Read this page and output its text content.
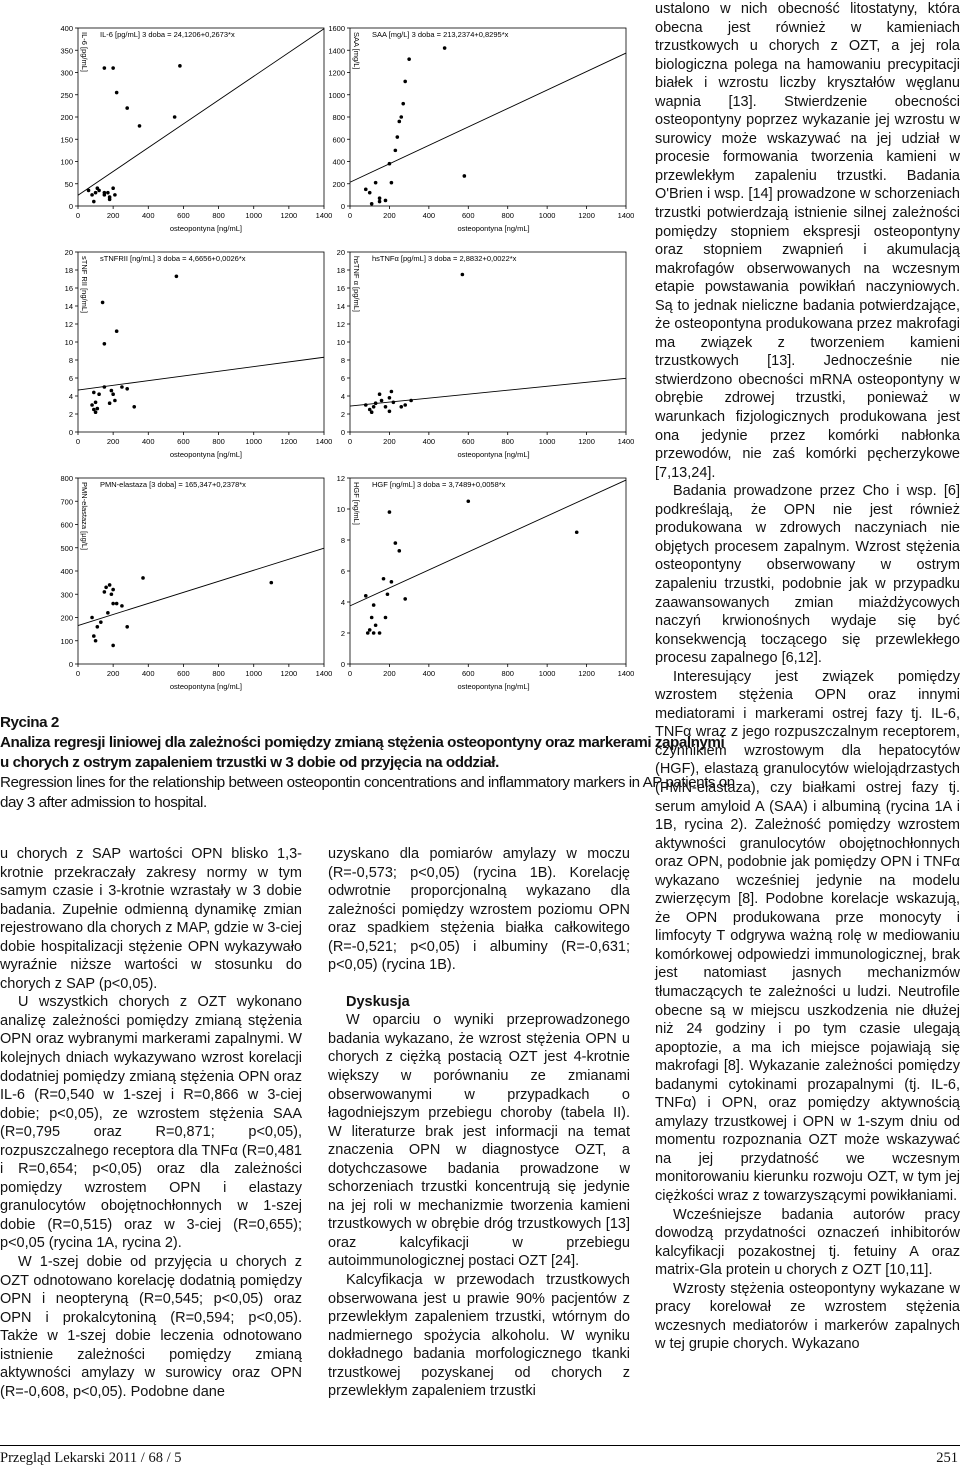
IL-6 [pg/mL] 3 doba = 24,1206+0,2673*x
0
50
100
150
200
250
300
350
400
0	200	400	600	800	1000 1200 1400
osteopontyna [ng/mL]
IL-6 [pg/mL]	SAA [mg/L] 3 doba = 213,2374+0,8295*x
0
200
400
600
800
1000
1200
1400
1600
0	200	400	600	800	1000	1200	1400
osteopontyna [ng/mL]
SAA [mg/L]
sTNFRII [ng/mL] 3 doba = 4,6656+0,0026*x
0
2
4
6
8
10
12
14
16
18
20
0	200	400	600	800	1000 1200 1400
osteopontyna [ng/mL]
sTNF RII [ng/mL]	hsTNFα [pg/mL] 3 doba = 2,8832+0,0022*x
0
2
4
6
8
10
12
14
16
18
20
0	200	400	600	800	1000	1200	1400
osteopontyna [ng/mL]
hsTNF α [pg/mL]
PMN-elastaza [3 doba] = 165,347+0,2378*x
0
100
200
300
400
500
600
700
800
0	200	400	600	800	1000 1200 1400
osteopontyna [ng/mL]
PMN-elastaza [µg/L]	HGF [ng/mL] 3 doba = 3,7489+0,0058*x
0
2
4
6
8
10
12
0	200	400	600	800	1000	1200	1400
osteopontyna [ng/mL]
HGF [ng/mL]
Rycina 2
Analiza regresji liniowej dla zależności pomiędzy zmianą stężenia osteopontyny oraz markerami zapalnymi
u chorych z ostrym zapaleniem trzustki w 3 dobie od przyjęcia na oddział.
Regression lines for the relationship between osteopontin concentrations and inflammatory markers in AP patients on
day 3 after admission to hospital.

u chorych z SAP wartości OPN blisko 1,3-krotnie przekraczały zakresy normy w tym samym czasie i 3-krotnie wzrastały w 3 dobie badania. Zupełnie odmienną dynamikę zmian rejestrowano dla chorych z MAP, gdzie w 3-ciej dobie hospitalizacji stężenie OPN wykazywało wyraźnie niższe wartości w stosunku do chorych z SAP (p<0,05).

U wszystkich chorych z OZT wykonano analizę zależności pomiędzy zmianą stężenia OPN oraz wybranymi markerami zapalnymi. W kolejnych dniach wykazywano wzrost korelacji dodatniej pomiędzy zmianą stężenia OPN oraz IL-6 (R=0,540 w 1-szej i R=0,866 w 3-ciej dobie; p<0,05), ze wzrostem stężenia SAA (R=0,795 oraz R=0,871; p<0,05), rozpuszczalnego receptora dla TNFα (R=0,481 i R=0,654; p<0,05) oraz dla zależności pomiędzy wzrostem OPN i elastazy granulocytów obojętnochłonnych w 1-szej dobie (R=0,515) oraz w 3-ciej (R=0,655); p<0,05 (rycina 1A, rycina 2).

W 1-szej dobie od przyjęcia u chorych z OZT odnotowano korelację dodatnią pomiędzy OPN i neopteryną (R=0,545; p<0,05) oraz OPN i prokalcytoniną (R=0,594; p<0,05). Także w 1-szej dobie leczenia odnotowano istnienie zależności pomiędzy zmianą aktywności amylazy w surowicy oraz OPN (R=-0,608, p<0,05). Podobne dane

uzyskano dla pomiarów amylazy w moczu (R=-0,573; p<0,05) (rycina 1B). Korelację odwrotnie proporcjonalną wykazano dla zależności pomiędzy wzrostem poziomu OPN oraz spadkiem stężenia białka całkowitego (R=-0,521; p<0,05) i albuminy (R=-0,631; p<0,05) (rycina 1B).

Dyskusja

W oparciu o wyniki przeprowadzonego badania wykazano, że wzrost stężenia OPN u chorych z ciężką postacią OZT jest 4-krotnie większy w porównaniu ze zmianami obserwowanymi w przypadkach o łagodniejszym przebiegu choroby (tabela II). W literaturze brak jest informacji na temat znaczenia OPN w diagnostyce OZT, a dotychczasowe badania prowadzone w schorzeniach trzustki koncentrują się jedynie na jej roli w mechanizmie tworzenia kamieni trzustkowych w obrębie dróg trzustkowych [13] oraz kalcyfikacji w przebiegu autoimmunologicznej postaci OZT [24].

Kalcyfikacja w przewodach trzustkowych obserwowana jest u prawie 90% pacjentów z przewlekłym zapaleniem trzustki, wtórnym do nadmiernego spożycia alkoholu. W wyniku dokładnego badania morfologicznego tkanki trzustkowej pozyskanej od chorych z przewlekłym zapaleniem trzustki

ustalono w nich obecność litostatyny, która obecna jest również w kamieniach trzustkowych u chorych z OZT, a jej rola biologiczna polega na hamowaniu precypitacji białek i wzrostu liczby kryształów węglanu wapnia [13]. Stwierdzenie obecności osteopontyny poprzez wykazanie jej wzrostu w surowicy może wskazywać na jej udział w procesie formowania tworzenia kamieni w przewlekłym zapaleniu trzustki. Badania O'Brien i wsp. [14] prowadzone w schorzeniach trzustki potwierdzają istnienie silnej zależności pomiędzy stopniem ekspresji osteopontyny oraz stopniem zwapnień i akumulacją makrofagów obserwowanych na wczesnym etapie powstawania powikłań naczyniowych. Są to jednak nieliczne badania potwierdzające, że osteopontyna produkowana przez makrofagi ma związek z tworzeniem kamieni trzustkowych [13]. Jednocześnie nie stwierdzono obecności mRNA osteopontyny w obrębie zdrowej trzustki, ponieważ w warunkach fizjologicznych produkowana jest ona jedynie przez komórki nabłonka przewodów, nie zaś komórki pęcherzykowe [7,13,24].

Badania prowadzone przez Cho i wsp. [6] podkreślają, że OPN nie jest również produkowana w zdrowych naczyniach nie objętych procesem zapalnym. Wzrost stężenia osteopontyny obserwowany w ostrym zapaleniu trzustki, podobnie jak w przypadku zaawansowanych zmian miażdżycowych naczyń krwionośnych wydaje się być konsekwencją toczącego się przewlekłego procesu zapalnego [6,12].

Interesujący jest związek pomiędzy wzrostem stężenia OPN oraz innymi mediatorami i markerami ostrej fazy tj. IL-6, TNFα wraz z jego rozpuszczalnym receptorem, czynnikiem wzrostowym dla hepatocytów (HGF), elastazą granulocytów wielojądrzastych (PMN-elastaza), czy białkami ostrej fazy tj. serum amyloid A (SAA) i albuminą (rycina 1A i 1B, rycina 2). Zależność pomiędzy wzrostem aktywności granulocytów obojętnochłonnych oraz OPN, podobnie jak pomiędzy OPN i TNFα wykazano wcześniej jedynie na modelu zwierzęcym [8]. Podobne korelacje wskazują, że OPN produkowana prze monocyty i limfocyty T odgrywa ważną rolę w mediowaniu komórkowej odpowiedzi immunologicznej, brak jest natomiast jasnych mechanizmów tłumaczących te zależności u ludzi. Neutrofile obecne są w miejscu uszkodzenia nie dłużej niż 24 godziny i po tym czasie ulegają apoptozie, a ma ich miejsce pojawiają się makrofagi [8]. Wykazanie zależności pomiędzy badanymi cytokinami prozapalnymi (tj. IL-6, TNFα) i OPN, oraz pomiędzy aktywnością amylazy trzustkowej i OPN w 1-szym dniu od momentu rozpoznania OZT może wskazywać na jej przydatność we wczesnym monitorowaniu kierunku rozwoju OZT, w tym jej ciężkości wraz z towarzyszącymi powikłaniami.

Wcześniejsze badania autorów pracy dowodzą przydatności oznaczeń inhibitorów kalcyfikacji pozakostnej tj. fetuiny A oraz matrix-Gla protein u chorych z OZT [10,11].

Wzrosty stężenia osteopontyny wykazane w pracy korelował ze wzrostem stężenia wczesnych mediatorów i markerów zapalnych w tej grupie chorych. Wykazano

Przegląd Lekarski 2011 / 68 / 5	251
